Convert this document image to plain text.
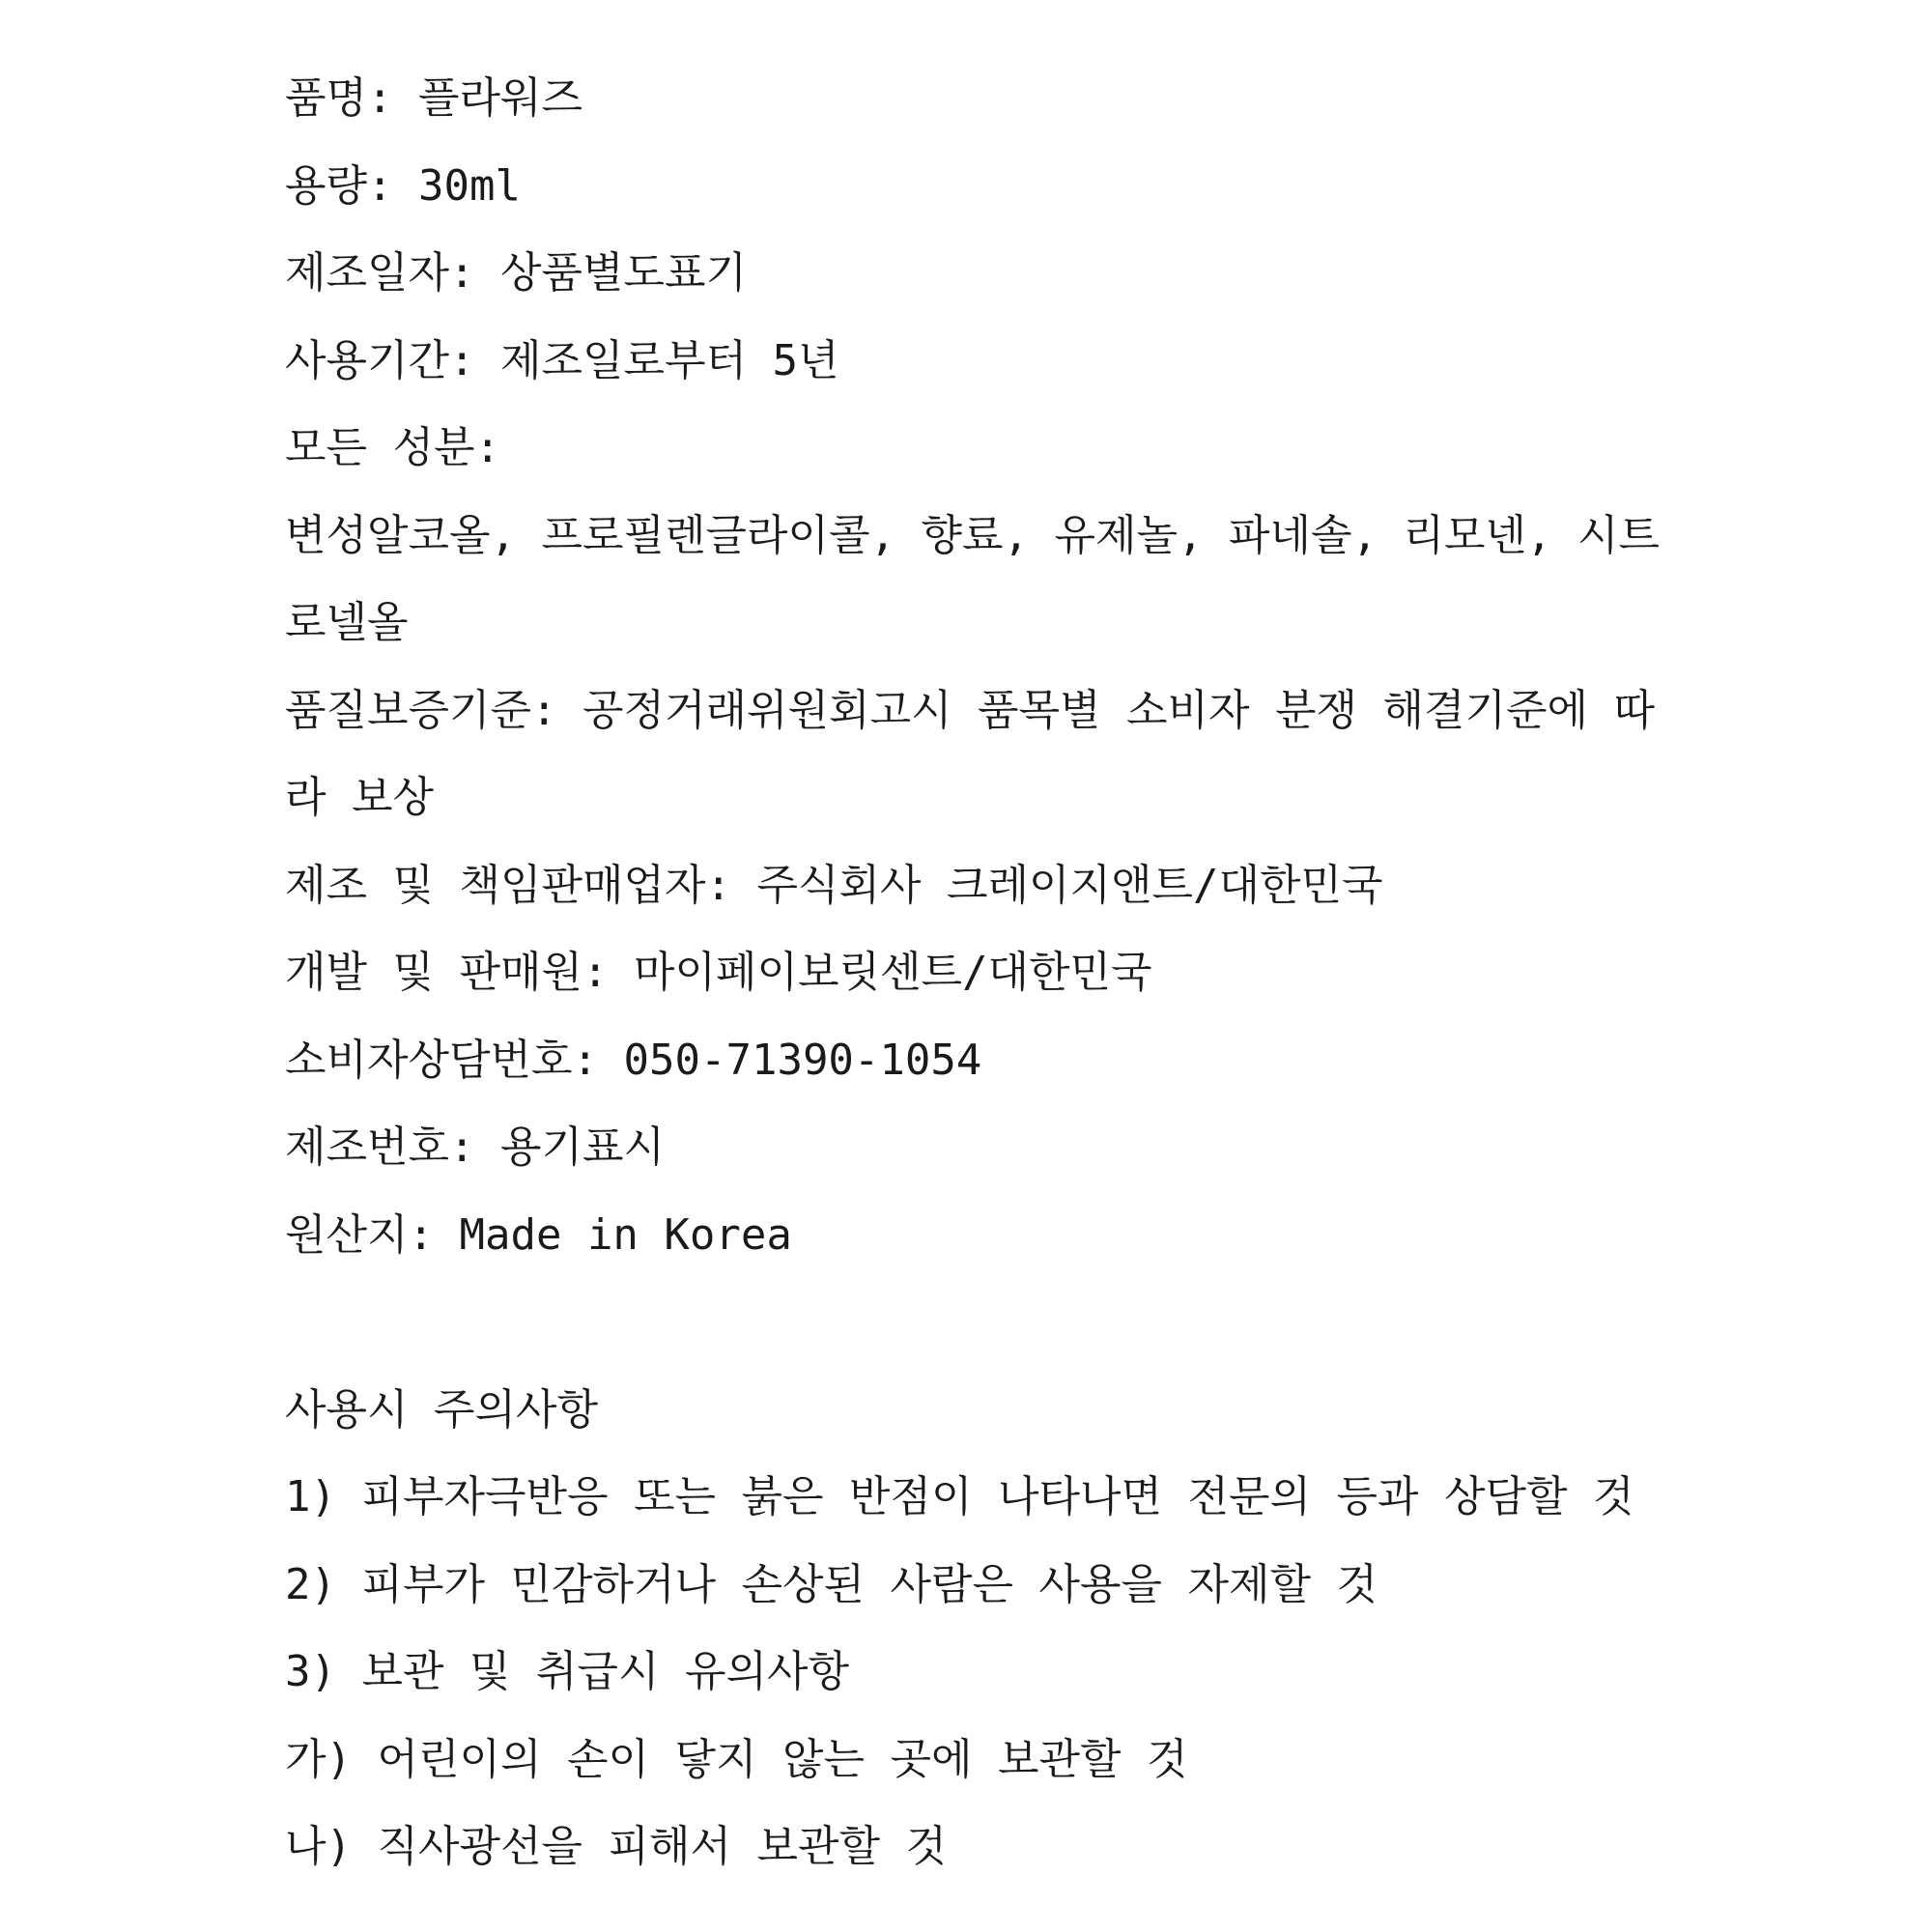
품명: 플라워즈
용량: 30ml
제조일자: 상품별도표기
사용기간: 제조일로부터 5년
모든 성분:
변성알코올, 프로필렌글라이콜, 향료, 유제놀, 파네솔, 리모넨, 시트
로넬올
품질보증기준: 공정거래위원회고시 품목별 소비자 분쟁 해결기준에 따
라 보상
제조 및 책임판매업자: 주식회사 크레이지앤트/대한민국
개발 및 판매원: 마이페이보릿센트/대한민국
소비자상담번호: 050-71390-1054
제조번호: 용기표시
원산지: Made in Korea
사용시 주의사항
1) 피부자극반응 또는 붉은 반점이 나타나면 전문의 등과 상담할 것
2) 피부가 민감하거나 손상된 사람은 사용을 자제할 것
3) 보관 및 취급시 유의사항
가) 어린이의 손이 닿지 않는 곳에 보관할 것
나) 직사광선을 피해서 보관할 것
